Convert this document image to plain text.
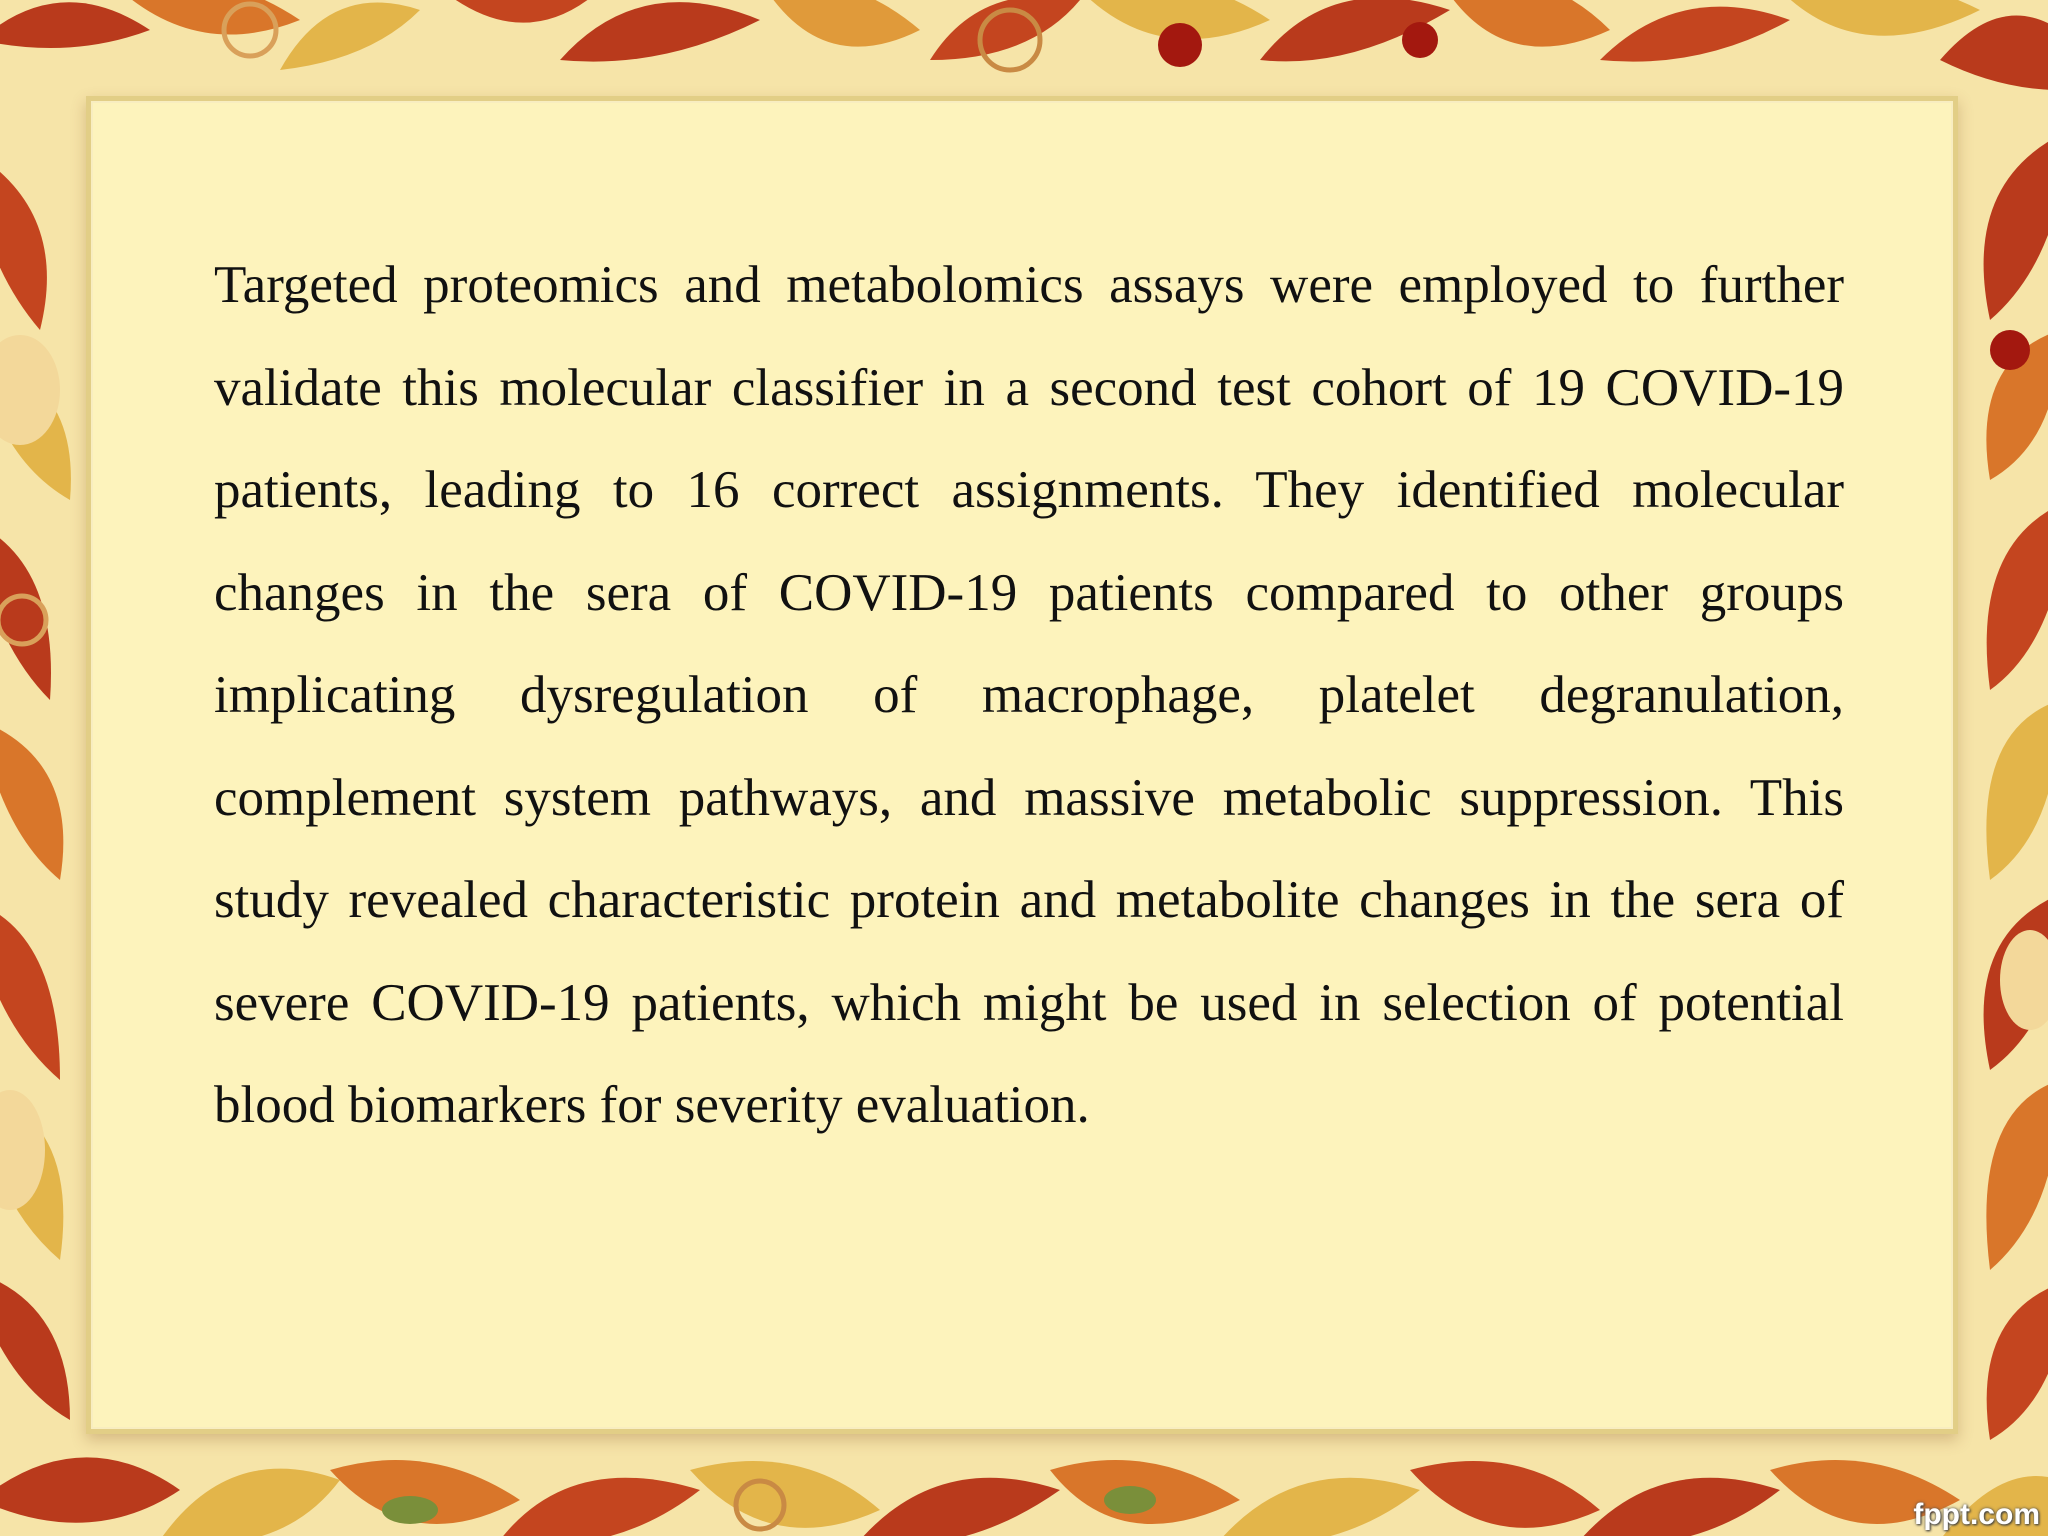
Targeted proteomics and metabolomics assays were employed to further validate this molecular classifier in a second test cohort of 19 COVID-19 patients, leading to 16 correct assignments. They identified molecular changes in the sera of COVID-19 patients compared to other groups implicating dysregulation of macrophage, platelet degranulation, complement system pathways, and massive metabolic suppression. This study revealed characteristic protein and metabolite changes in the sera of severe COVID-19 patients, which might be used in selection of potential blood biomarkers for severity evaluation.

fppt.com
